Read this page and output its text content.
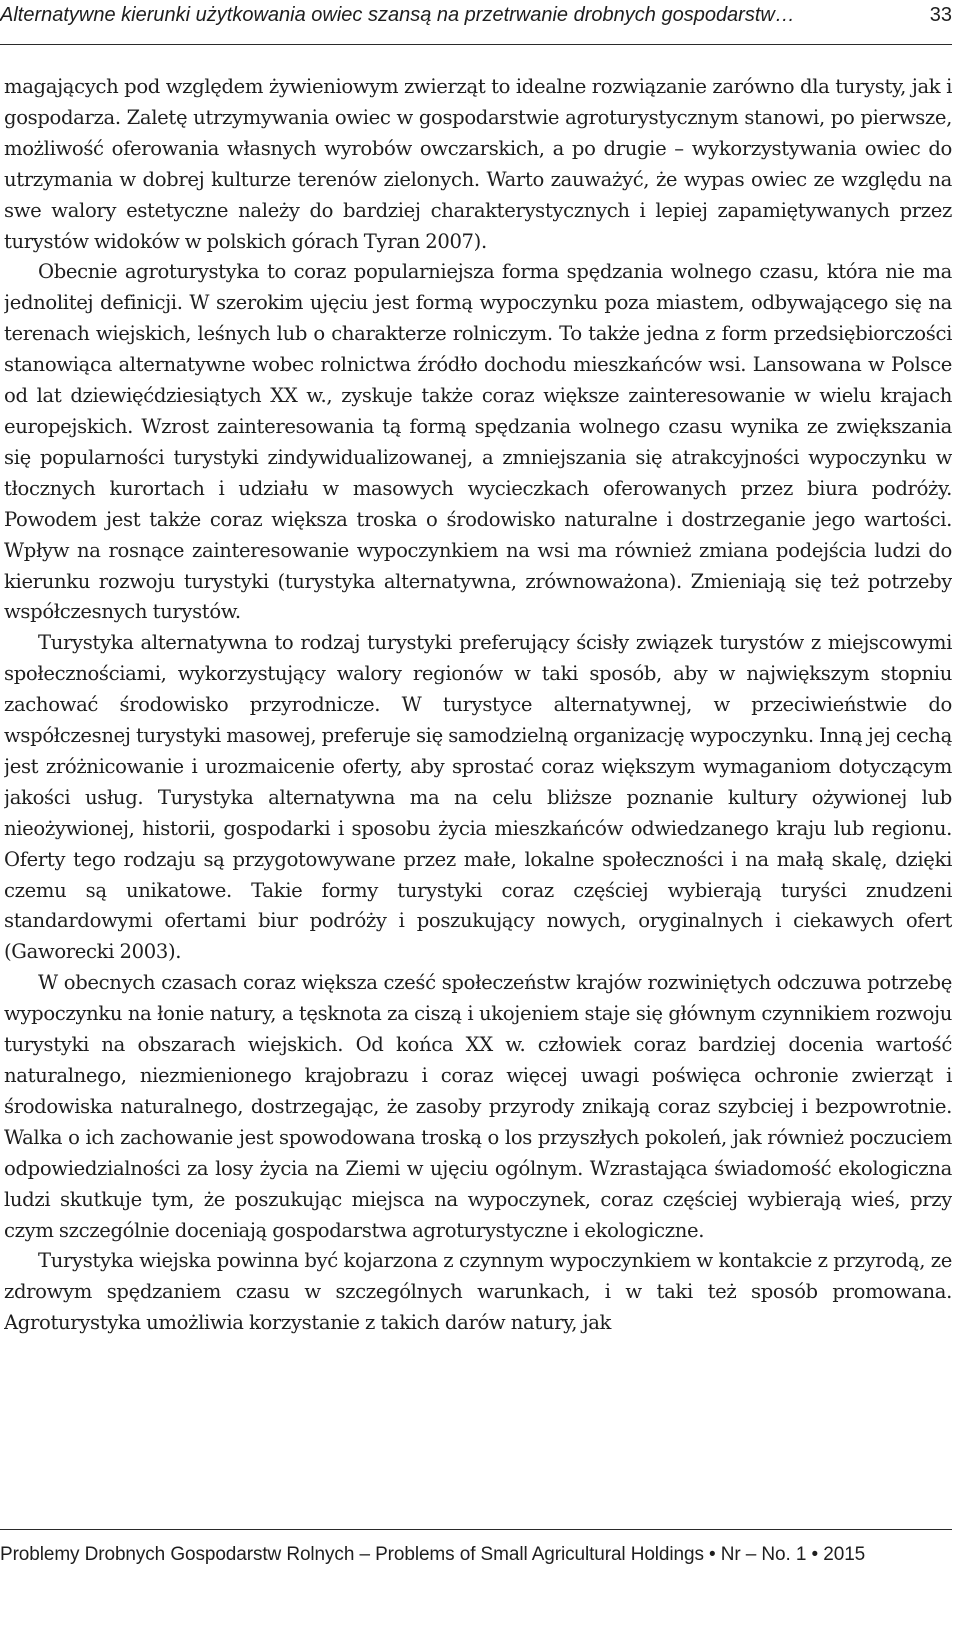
Alternatywne kierunki użytkowania owiec szansą na przetrwanie drobnych gospodarstw…	33

magających pod względem żywieniowym zwierząt to idealne rozwiązanie zarówno dla turysty, jak i gospodarza. Zaletę utrzymywania owiec w gospodarstwie agroturystycznym stanowi, po pierwsze, możliwość oferowania własnych wyrobów owczarskich, a po drugie – wykorzystywania owiec do utrzymania w dobrej kulturze terenów zielonych. Warto zauważyć, że wypas owiec ze względu na swe walory estetyczne należy do bardziej charakterystycznych i lepiej zapamiętywanych przez turystów widoków w polskich górach Tyran 2007).

Obecnie agroturystyka to coraz popularniejsza forma spędzania wolnego czasu, która nie ma jednolitej definicji. W szerokim ujęciu jest formą wypoczynku poza miastem, odbywającego się na terenach wiejskich, leśnych lub o charakterze rolniczym. To także jedna z form przedsiębiorczości stanowiąca alternatywne wobec rolnictwa źródło dochodu mieszkańców wsi. Lansowana w Polsce od lat dziewięćdziesiątych XX w., zyskuje także coraz większe zainteresowanie w wielu krajach europejskich. Wzrost zainteresowania tą formą spędzania wolnego czasu wynika ze zwiększania się popularności turystyki zindywidualizowanej, a zmniejszania się atrakcyjności wypoczynku w tłocznych kurortach i udziału w masowych wycieczkach oferowanych przez biura podróży. Powodem jest także coraz większa troska o środowisko naturalne i dostrzeganie jego wartości. Wpływ na rosnące zainteresowanie wypoczynkiem na wsi ma również zmiana podejścia ludzi do kierunku rozwoju turystyki (turystyka alternatywna, zrównoważona). Zmieniają się też potrzeby współczesnych turystów.

Turystyka alternatywna to rodzaj turystyki preferujący ścisły związek turystów z miejscowymi społecznościami, wykorzystujący walory regionów w taki sposób, aby w największym stopniu zachować środowisko przyrodnicze. W turystyce alternatywnej, w przeciwieństwie do współczesnej turystyki masowej, preferuje się samodzielną organizację wypoczynku. Inną jej cechą jest zróżnicowanie i urozmaicenie oferty, aby sprostać coraz większym wymaganiom dotyczącym jakości usług. Turystyka alternatywna ma na celu bliższe poznanie kultury ożywionej lub nieożywionej, historii, gospodarki i sposobu życia mieszkańców odwiedzanego kraju lub regionu. Oferty tego rodzaju są przygotowywane przez małe, lokalne społeczności i na małą skalę, dzięki czemu są unikatowe. Takie formy turystyki coraz częściej wybierają turyści znudzeni standardowymi ofertami biur podróży i poszukujący nowych, oryginalnych i ciekawych ofert (Gaworecki 2003).

W obecnych czasach coraz większa cześć społeczeństw krajów rozwiniętych odczuwa potrzebę wypoczynku na łonie natury, a tęsknota za ciszą i ukojeniem staje się głównym czynnikiem rozwoju turystyki na obszarach wiejskich. Od końca XX w. człowiek coraz bardziej docenia wartość naturalnego, niezmienionego krajobrazu i coraz więcej uwagi poświęca ochronie zwierząt i środowiska naturalnego, dostrzegając, że zasoby przyrody znikają coraz szybciej i bezpowrotnie. Walka o ich zachowanie jest spowodowana troską o los przyszłych pokoleń, jak również poczuciem odpowiedzialności za losy życia na Ziemi w ujęciu ogólnym. Wzrastająca świadomość ekologiczna ludzi skutkuje tym, że poszukując miejsca na wypoczynek, coraz częściej wybierają wieś, przy czym szczególnie doceniają gospodarstwa agroturystyczne i ekologiczne.

Turystyka wiejska powinna być kojarzona z czynnym wypoczynkiem w kontakcie z przyrodą, ze zdrowym spędzaniem czasu w szczególnych warunkach, i w taki też sposób promowana. Agroturystyka umożliwia korzystanie z takich darów natury, jak

Problemy Drobnych Gospodarstw Rolnych – Problems of Small Agricultural Holdings • Nr – No. 1 • 2015
